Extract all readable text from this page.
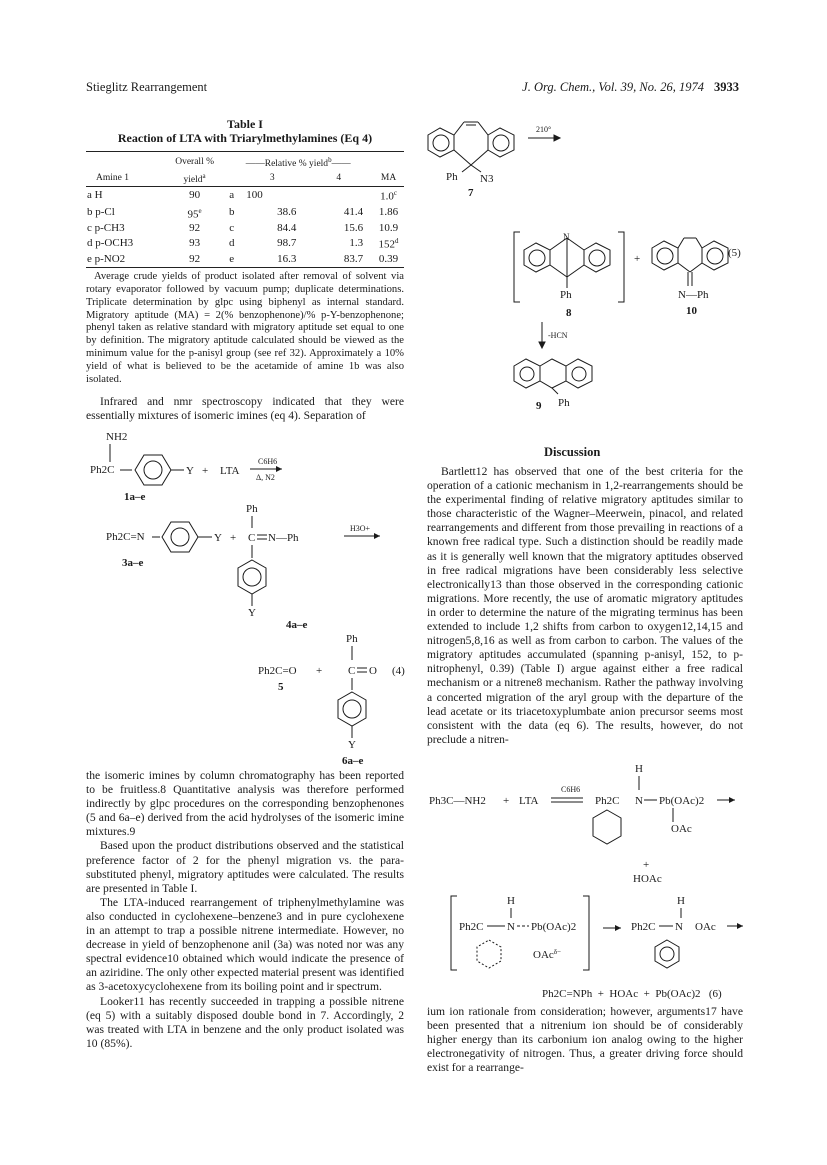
Stieglitz Rearrangement	J. Org. Chem., Vol. 39, No. 26, 1974 3933
Table I
Reaction of LTA with Triarylmethylamines (Eq 4)
	Overall %	——Relative % yield$^b$——			
Amine 1	yield$^a$		3	4	MA
a H	90	a	100		1.0$^c$
b p-Cl	95e	b	38.6	41.4	1.86
c p-CH3	92	c	84.4	15.6	10.9
d p-OCH3	93	d	98.7	1.3	152$^d$
e p-NO2	92	e	16.3	83.7	0.39

Average crude yields of product isolated after removal of solvent via rotary evaporator followed by vacuum pump; duplicate determinations. Triplicate determination by glpc using biphenyl as internal standard. Migratory aptitude (MA) = 2(% benzophenone)/% p-Y-benzophenone; phenyl taken as relative standard with migratory aptitude set equal to one by definition. The migratory aptitude calculated should be viewed as the minimum value for the p-anisyl group (see ref 32). Approximately a 10% yield of what is believed to be the acetamide of amine 1b was also isolated.

Infrared and nmr spectroscopy indicated that they were essentially mixtures of isomeric imines (eq 4). Separation of

NH2
Ph2C	Y + LTA
C6H6
Δ, N2
1a–e
Ph
Ph2C=N	Y + C N—Ph
H3O+
3a–e
Y
4a–e
Ph
Ph2C=O + C O (4)
5
Y
6a–e

the isomeric imines by column chromatography has been reported to be fruitless.8 Quantitative analysis was therefore performed indirectly by glpc procedures on the corresponding benzophenones (5 and 6a–e) derived from the acid hydrolyses of the isomeric imine mixtures.9

Based upon the product distributions observed and the statistical preference factor of 2 for the phenyl migration vs. the para-substituted phenyl, migratory aptitudes were calculated. The results are presented in Table I.

The LTA-induced rearrangement of triphenylmethylamine was also conducted in cyclohexene–benzene3 and in pure cyclohexene in an attempt to trap a possible nitrene intermediate. However, no decrease in yield of benzophenone anil (3a) was noted nor was any spectral evidence10 obtained which would indicate the presence of an aziridine. The only other expected material present was identified as 3-acetoxycyclohexene from its boiling point and ir spectrum.

Looker11 has recently succeeded in trapping a possible nitrene (eq 5) with a suitably disposed double bond in 7. Accordingly, 2 was treated with LTA in benzene and the only product isolated was 10 (85%).

210°
Ph N3
7
N
Ph
8
+	(5)
N—Ph
10
-HCN
Ph
9
Discussion

Bartlett12 has observed that one of the best criteria for the operation of a cationic mechanism in 1,2-rearrangements should be the experimental finding of relative migratory aptitudes similar to those characteristic of the Wagner–Meerwein, pinacol, and related rearrangements and different from those prevailing in reactions of a known free radical type. Such a distinction should be readily made as it is generally well known that the migratory aptitudes observed in free radical migrations have been considerably less selective electronically13 than those observed in the corresponding cationic migrations. More recently, the use of aromatic migratory aptitudes in order to determine the nature of the migrating terminus has been extended to include 1,2 shifts from carbon to oxygen12,14,15 and nitrogen5,8,16 as well as from carbon to carbon. The values of the migratory aptitudes accumulated (spanning p-anisyl, 152, to p-nitrophenyl, 0.39) (Table I) argue against either a free radical mechanism or a nitrene8 mechanism. Rather the pathway involving a concerted migration of the aryl group with the departure of the lead acetate or its triacetoxyplumbate anion precursor seems most consistent with the data (eq 6). The results, however, do not preclude a nitren-

H
Ph3C—NH2 + LTA
C6H6
Ph2C N Pb(OAc)2
OAc
+
HOAc
H
Ph2C N Pb(OAc)2
OAc$^{\delta-}$
H
Ph2C N OAc
Ph2C=NPh  +  HOAc  +  Pb(OAc)2 (6)

ium ion rationale from consideration; however, arguments17 have been presented that a nitrenium ion should be of considerably higher energy than its carbonium ion analog owing to the higher electronegativity of nitrogen. Thus, a greater driving force should exist for a rearrange-
